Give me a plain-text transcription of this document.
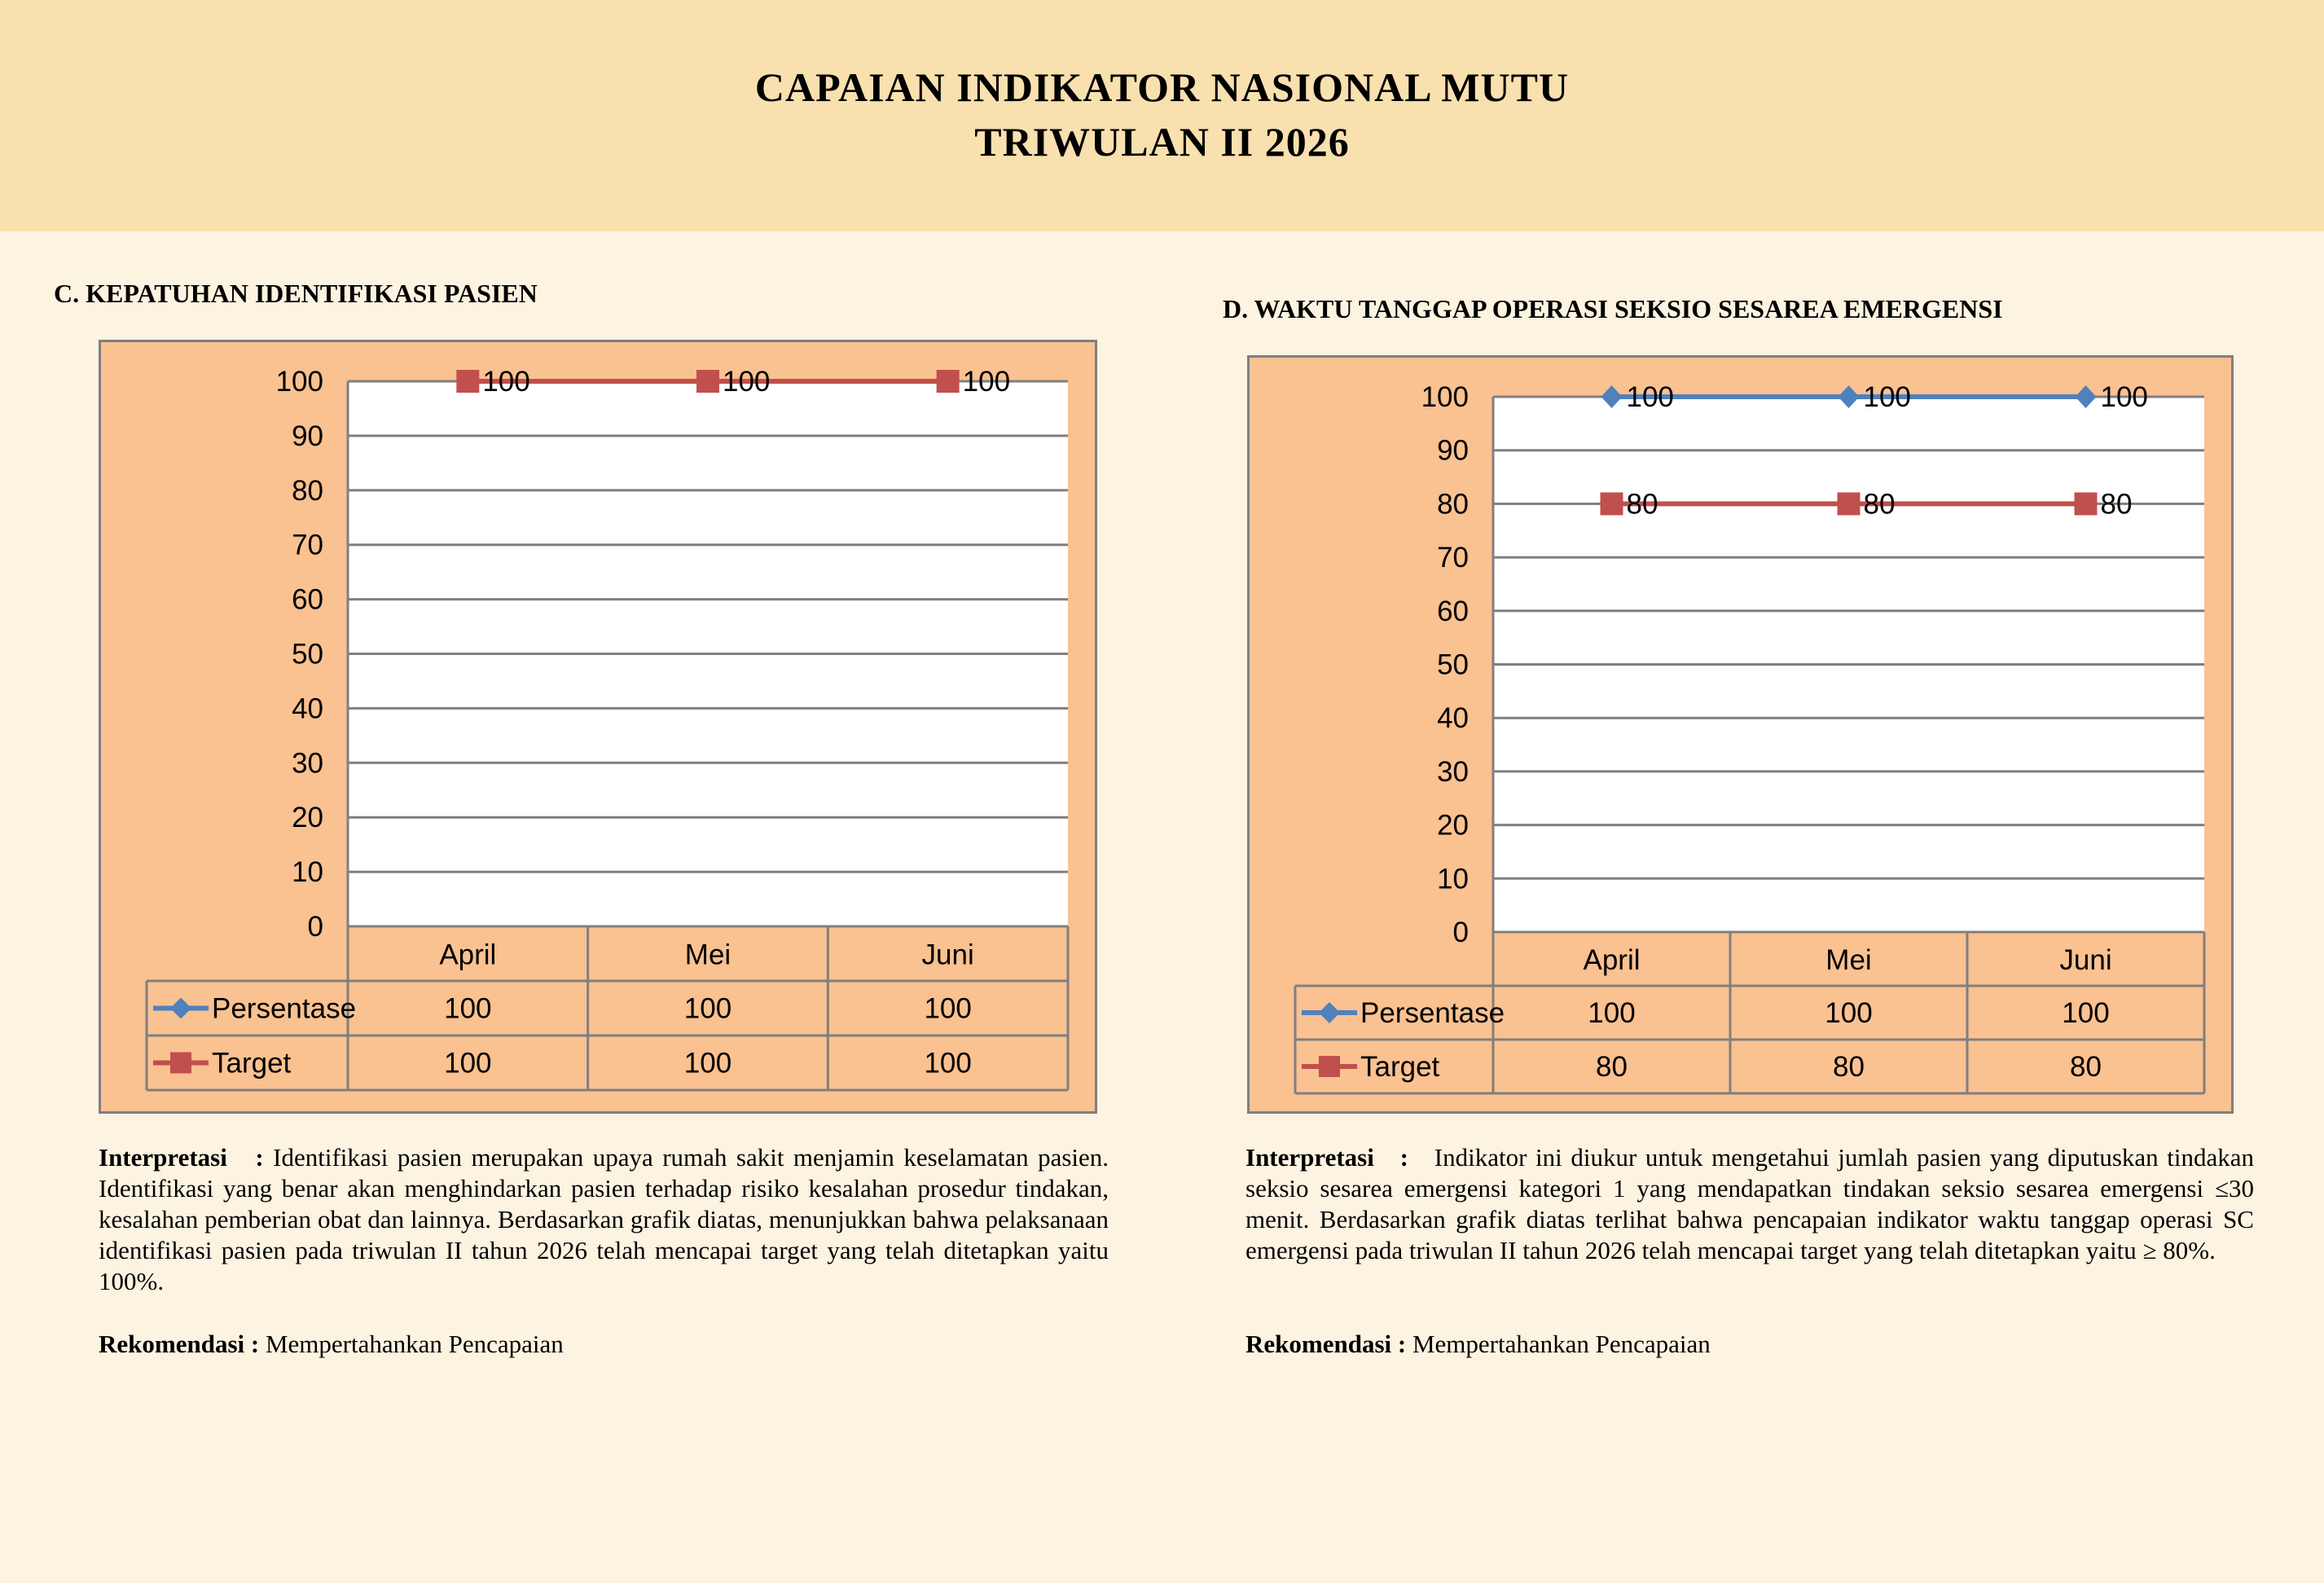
CAPAIAN INDIKATOR NASIONAL MUTU
TRIWULAN II 2026
C. KEPATUHAN IDENTIFIKASI PASIEN
0
10
20
30
40
50
60
70
80
90
100
April	Mei	Juni
Persentase	100	100	100
Target	100	100	100
100	100	100
Interpretasi   : Identifikasi pasien merupakan upaya rumah sakit menjamin keselamatan pasien. Identifikasi yang benar akan menghindarkan pasien terhadap risiko kesalahan prosedur tindakan, kesalahan pemberian obat dan lainnya. Berdasarkan grafik diatas, menunjukkan bahwa pelaksanaan identifikasi pasien pada triwulan II tahun 2026 telah mencapai target yang telah ditetapkan yaitu 100%.
Rekomendasi : Mempertahankan Pencapaian
D. WAKTU TANGGAP OPERASI SEKSIO SESAREA EMERGENSI
0
10
20
30
40
50
60
70
80
90
100
April	Mei	Juni
Persentase	100	100	100
Target	80	80	80
100	100	100
80	80	80
Interpretasi   :   Indikator ini diukur untuk mengetahui jumlah pasien yang diputuskan tindakan seksio sesarea emergensi kategori 1 yang mendapatkan tindakan seksio sesarea emergensi ≤30 menit. Berdasarkan grafik diatas terlihat bahwa pencapaian indikator waktu tanggap operasi SC emergensi pada triwulan II tahun 2026 telah mencapai target yang telah ditetapkan yaitu ≥ 80%.
Rekomendasi : Mempertahankan Pencapaian
